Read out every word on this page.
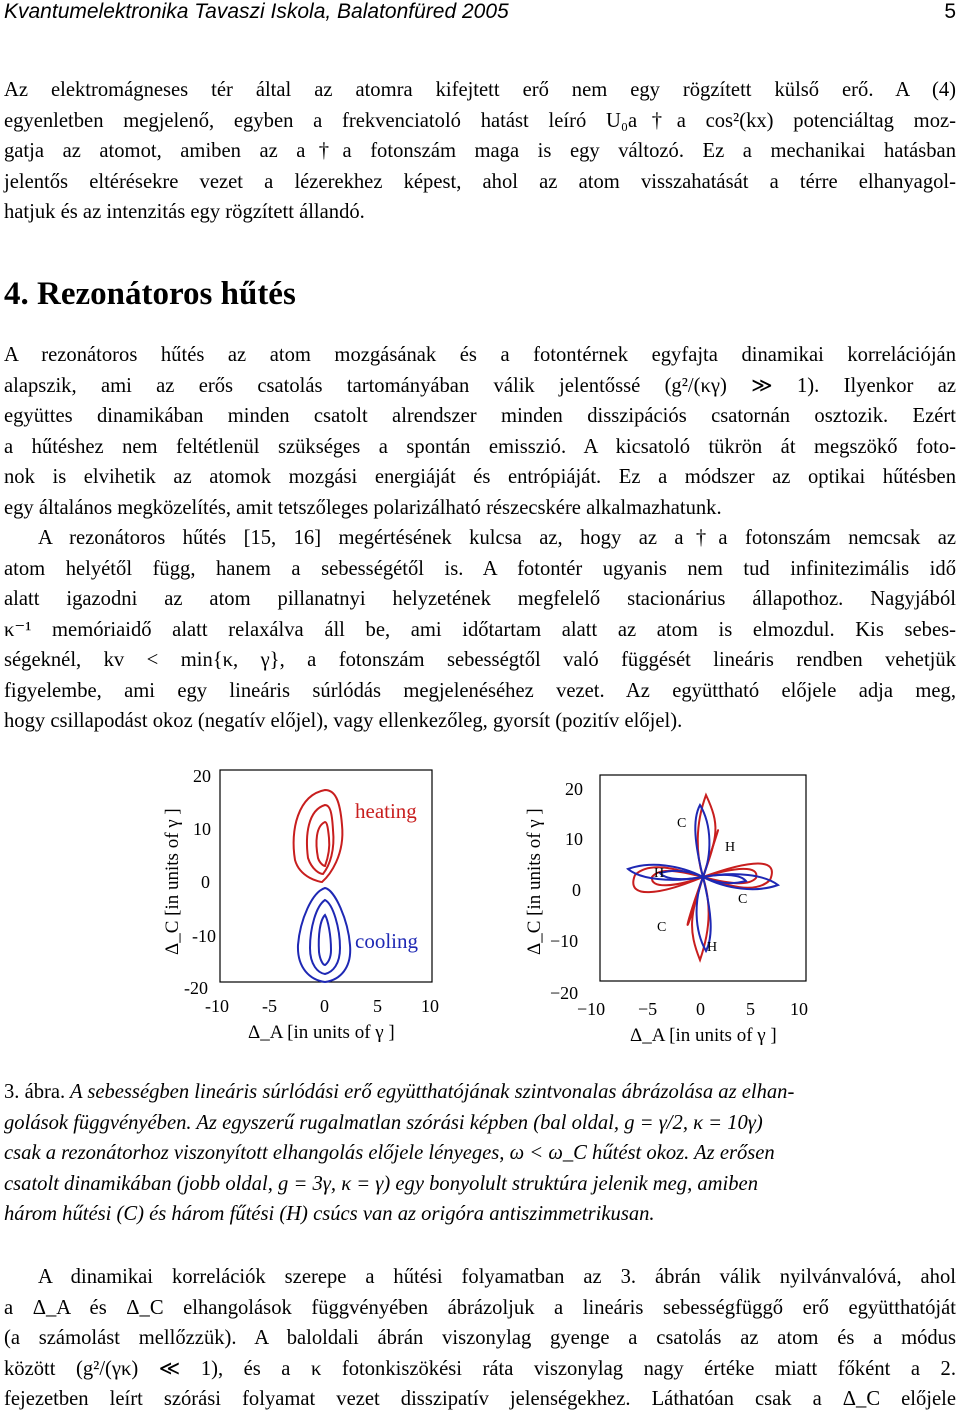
Kvantumelektronika Tavaszi Iskola, Balatonfüred 2005	5
Az elektromágneses tér által az atomra kifejtett erő nem egy rögzített külső erő. A (4)
egyenletben megjelenő, egyben a frekvenciatoló hatást leíró U₀a†a cos²(kx) potenciáltag moz-
gatja az atomot, amiben az a†a fotonszám maga is egy változó. Ez a mechanikai hatásban
jelentős eltérésekre vezet a lézerekhez képest, ahol az atom visszahatását a térre elhanyagol-
hatjuk és az intenzitás egy rögzített állandó.
4. Rezonátoros hűtés
A rezonátoros hűtés az atom mozgásának és a fotontérnek egyfajta dinamikai korrelációján
alapszik, ami az erős csatolás tartományában válik jelentőssé (g²/(κγ) ≫ 1). Ilyenkor az
együttes dinamikában minden csatolt alrendszer minden disszipációs csatornán osztozik. Ezért
a hűtéshez nem feltétlenül szükséges a spontán emisszió. A kicsatoló tükrön át megszökő foto-
nok is elvihetik az atomok mozgási energiáját és entrópiáját. Ez a módszer az optikai hűtésben
egy általános megközelítés, amit tetszőleges polarizálható részecskére alkalmazhatunk.
A rezonátoros hűtés [15, 16] megértésének kulcsa az, hogy az a†a fotonszám nemcsak az
atom helyétől függ, hanem a sebességétől is. A fotontér ugyanis nem tud infinitezimális idő
alatt igazodni az atom pillanatnyi helyzetének megfelelő stacionárius állapothoz. Nagyjából
κ⁻¹ memóriaidő alatt relaxálva áll be, ami időtartam alatt az atom is elmozdul. Kis sebes-
ségeknél, kv < min{κ, γ}, a fotonszám sebességtől való függését lineáris rendben vehetjük
figyelembe, ami egy lineáris súrlódás megjelenéséhez vezet. Az együttható előjele adja meg,
hogy csillapodást okoz (negatív előjel), vagy ellenkezőleg, gyorsít (pozitív előjel).
Δ_C [in units of γ ]
20
10
0
-10
-20
-10 -5 0 5 10
Δ_A [in units of γ ]
heating
cooling	Δ_C [in units of γ ]
20
10
0
−10
−20
−10 −5 0 5 10
Δ_A [in units of γ ]
C
H
H
C
C
H
3. ábra. A sebességben lineáris súrlódási erő együtthatójának szintvonalas ábrázolása az elhan-
golások függvényében. Az egyszerű rugalmatlan szórási képben (bal oldal, g = γ/2, κ = 10γ)
csak a rezonátorhoz viszonyított elhangolás előjele lényeges, ω < ω_C hűtést okoz. Az erősen
csatolt dinamikában (jobb oldal, g = 3γ, κ = γ) egy bonyolult struktúra jelenik meg, amiben
három hűtési (C) és három fűtési (H) csúcs van az origóra antiszimmetrikusan.
A dinamikai korrelációk szerepe a hűtési folyamatban az 3. ábrán válik nyilvánvalóvá, ahol
a Δ_A és Δ_C elhangolások függvényében ábrázoljuk a lineáris sebességfüggő erő együtthatóját
(a számolást mellőzzük). A baloldali ábrán viszonylag gyenge a csatolás az atom és a módus
között (g²/(γκ) ≪ 1), és a κ fotonkiszökési ráta viszonylag nagy értéke miatt főként a 2.
fejezetben leírt szórási folyamat vezet disszipatív jelenségekhez. Láthatóan csak a Δ_C előjele
